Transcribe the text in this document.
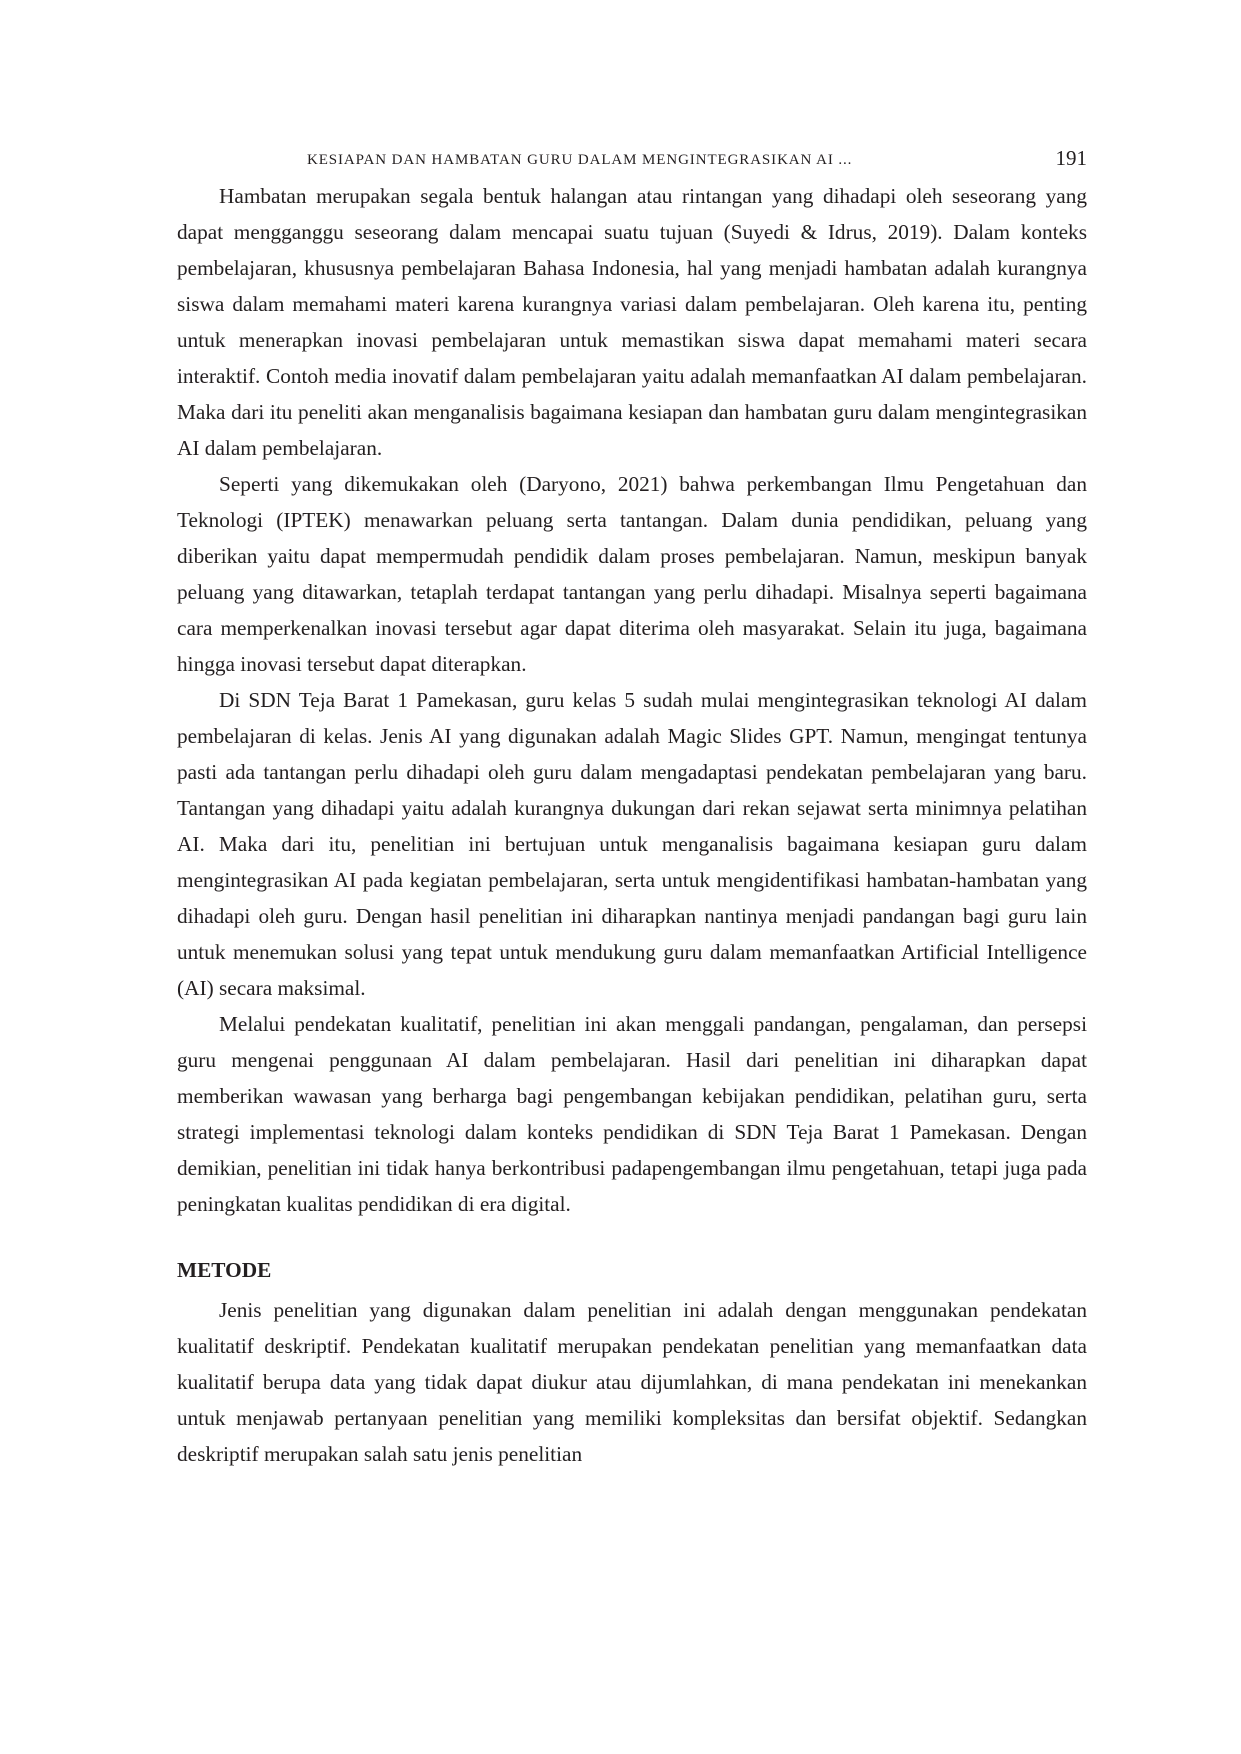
KESIAPAN DAN HAMBATAN GURU DALAM MENGINTEGRASIKAN AI ...	191

Hambatan merupakan segala bentuk halangan atau rintangan yang dihadapi oleh seseorang yang dapat mengganggu seseorang dalam mencapai suatu tujuan (Suyedi & Idrus, 2019). Dalam konteks pembelajaran, khususnya pembelajaran Bahasa Indonesia, hal yang menjadi hambatan adalah kurangnya siswa dalam memahami materi karena kurangnya variasi dalam pembelajaran. Oleh karena itu, penting untuk menerapkan inovasi pembelajaran untuk memastikan siswa dapat memahami materi secara interaktif. Contoh media inovatif dalam pembelajaran yaitu adalah memanfaatkan AI dalam pembelajaran. Maka dari itu peneliti akan menganalisis bagaimana kesiapan dan hambatan guru dalam mengintegrasikan AI dalam pembelajaran.

Seperti yang dikemukakan oleh (Daryono, 2021) bahwa perkembangan Ilmu Pengetahuan dan Teknologi (IPTEK) menawarkan peluang serta tantangan. Dalam dunia pendidikan, peluang yang diberikan yaitu dapat mempermudah pendidik dalam proses pembelajaran. Namun, meskipun banyak peluang yang ditawarkan, tetaplah terdapat tantangan yang perlu dihadapi. Misalnya seperti bagaimana cara memperkenalkan inovasi tersebut agar dapat diterima oleh masyarakat. Selain itu juga, bagaimana hingga inovasi tersebut dapat diterapkan.

Di SDN Teja Barat 1 Pamekasan, guru kelas 5 sudah mulai mengintegrasikan teknologi AI dalam pembelajaran di kelas. Jenis AI yang digunakan adalah Magic Slides GPT. Namun, mengingat tentunya pasti ada tantangan perlu dihadapi oleh guru dalam mengadaptasi pendekatan pembelajaran yang baru. Tantangan yang dihadapi yaitu adalah kurangnya dukungan dari rekan sejawat serta minimnya pelatihan AI. Maka dari itu, penelitian ini bertujuan untuk menganalisis bagaimana kesiapan guru dalam mengintegrasikan AI pada kegiatan pembelajaran, serta untuk mengidentifikasi hambatan-hambatan yang dihadapi oleh guru. Dengan hasil penelitian ini diharapkan nantinya menjadi pandangan bagi guru lain untuk menemukan solusi yang tepat untuk mendukung guru dalam memanfaatkan Artificial Intelligence (AI) secara maksimal.

Melalui pendekatan kualitatif, penelitian ini akan menggali pandangan, pengalaman, dan persepsi guru mengenai penggunaan AI dalam pembelajaran. Hasil dari penelitian ini diharapkan dapat memberikan wawasan yang berharga bagi pengembangan kebijakan pendidikan, pelatihan guru, serta strategi implementasi teknologi dalam konteks pendidikan di SDN Teja Barat 1 Pamekasan. Dengan demikian, penelitian ini tidak hanya berkontribusi padapengembangan ilmu pengetahuan, tetapi juga pada peningkatan kualitas pendidikan di era digital.

METODE

Jenis penelitian yang digunakan dalam penelitian ini adalah dengan menggunakan pendekatan kualitatif deskriptif. Pendekatan kualitatif merupakan pendekatan penelitian yang memanfaatkan data kualitatif berupa data yang tidak dapat diukur atau dijumlahkan, di mana pendekatan ini menekankan untuk menjawab pertanyaan penelitian yang memiliki kompleksitas dan bersifat objektif. Sedangkan deskriptif merupakan salah satu jenis penelitian
